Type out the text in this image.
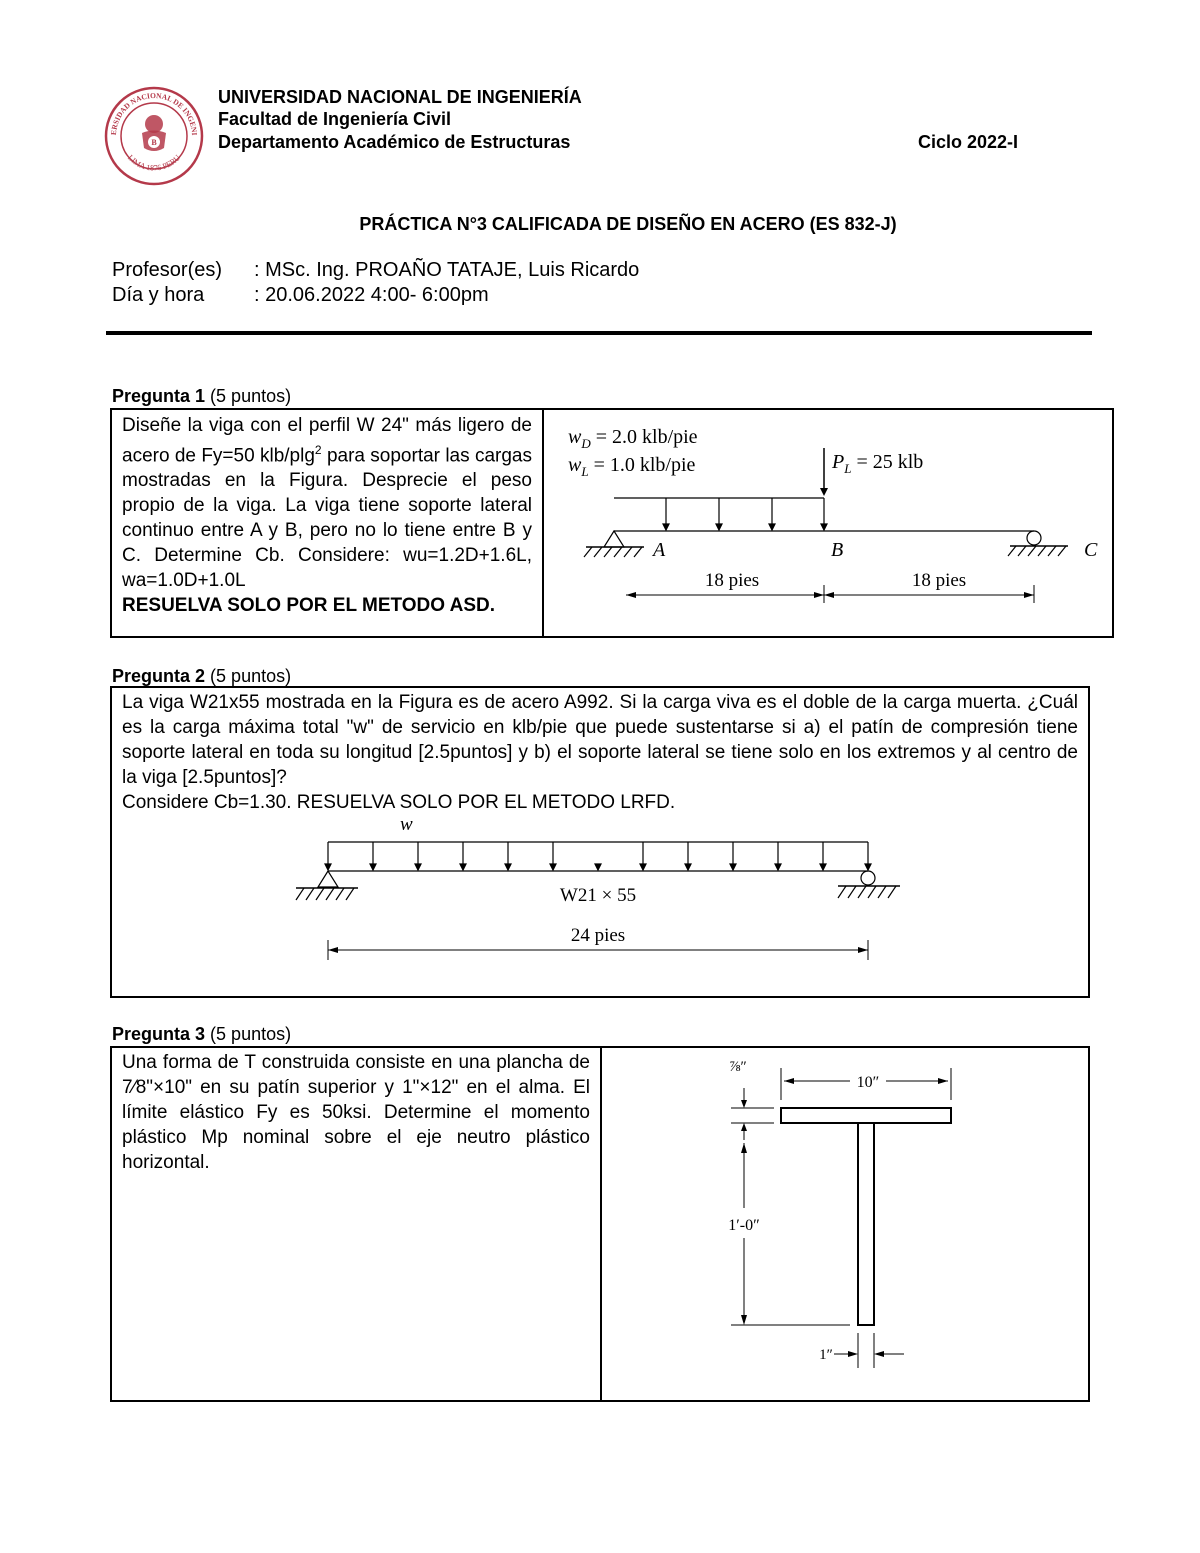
ERSIDAD NACIONAL DE INGENI
LIMA 1876 PERU
B
UNIVERSIDAD NACIONAL DE INGENIERÍA
Facultad de Ingeniería Civil
Departamento Académico de Estructuras	Ciclo 2022-I
PRÁCTICA N°3 CALIFICADA DE DISEÑO EN ACERO (ES 832-J)
Profesor(es) : MSc. Ing. PROAÑO TATAJE, Luis Ricardo
Día y hora : 20.06.2022 4:00- 6:00pm
Pregunta 1 (5 puntos)
Diseñe la viga con el perfil W 24" más ligero de acero de Fy=50 klb/plg$^2$ para soportar las cargas mostradas en la Figura. Desprecie el peso propio de la viga. La viga tiene soporte lateral continuo entre A y B, pero no lo tiene entre B y C. Determine Cb. Considere: wu=1.2D+1.6L, wa=1.0D+1.0L
RESUELVA SOLO POR EL METODO ASD.
$w_D = 2.0$ klb/pie
$w_L = 1.0$ klb/pie	$P_L = 25$ klb
A	B	C
18 pies	18 pies
Pregunta 2 (5 puntos)
La viga W21x55 mostrada en la Figura es de acero A992. Si la carga viva es el doble de la carga muerta. ¿Cuál es la carga máxima total "w" de servicio en klb/pie que puede sustentarse si a) el patín de compresión tiene soporte lateral en toda su longitud [2.5puntos] y b) el soporte lateral se tiene solo en los extremos y al centro de la viga [2.5puntos]?
Considere Cb=1.30. RESUELVA SOLO POR EL METODO LRFD.
w
W21 × 55
24 pies
Pregunta 3 (5 puntos)
Una forma de T construida consiste en una plancha de 7⁄8"×10" en su patín superior y 1"×12" en el alma. El límite elástico Fy es 50ksi. Determine el momento plástico Mp nominal sobre el eje neutro plástico horizontal.
10″
⅞″
1′-0″
1″
